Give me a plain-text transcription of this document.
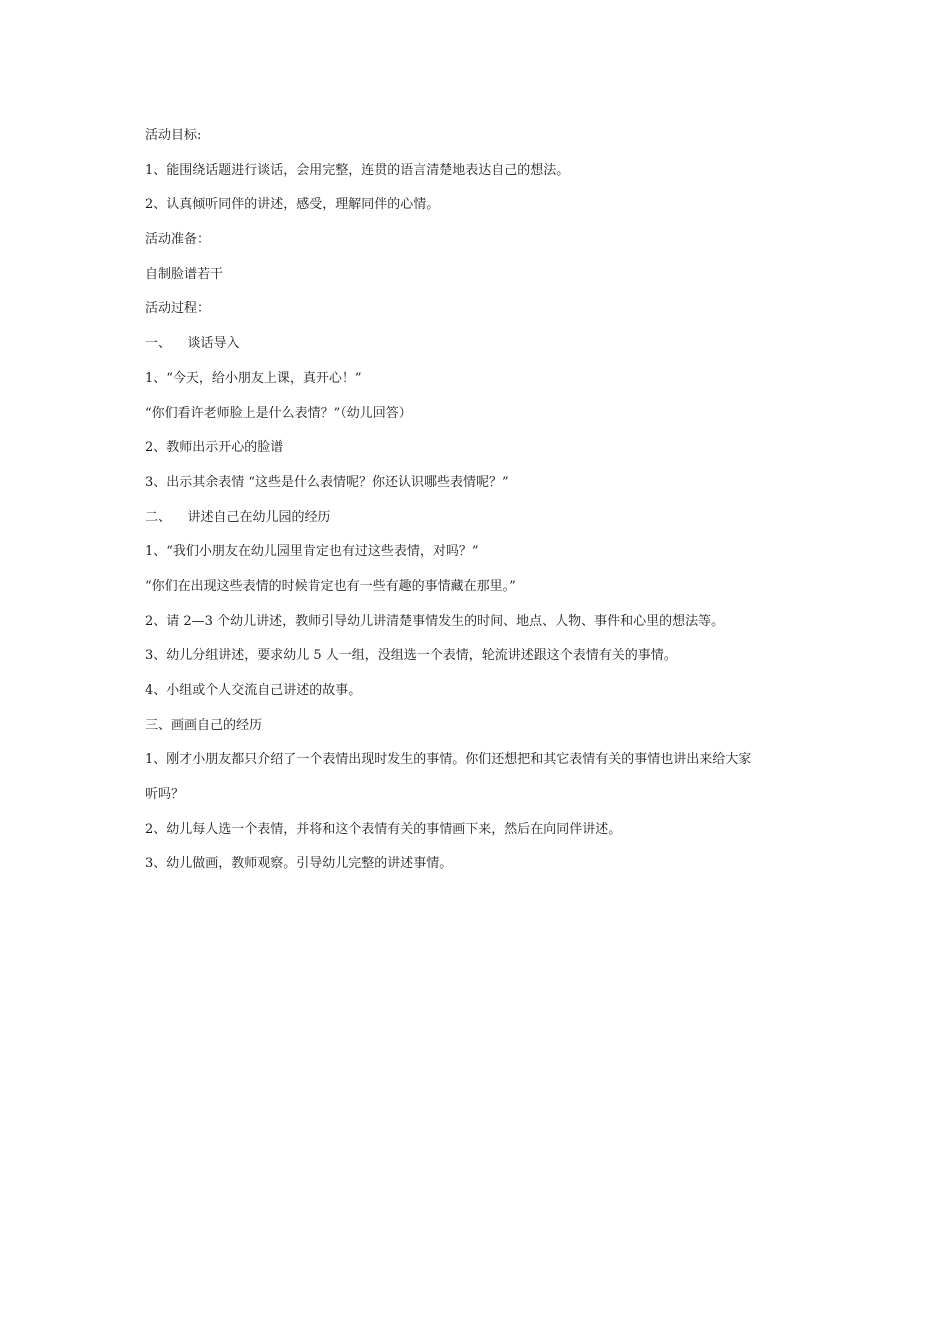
活动目标:
1、能围绕话题进行谈话，会用完整，连贯的语言清楚地表达自己的想法。
2、认真倾听同伴的讲述，感受，理解同伴的心情。
活动准备：
自制脸谱若干
活动过程：
一、    谈话导入
1、“今天，给小朋友上课，真开心！”
“你们看许老师脸上是什么表情？”（幼儿回答）
2、教师出示开心的脸谱
3、出示其余表情 “这些是什么表情呢？你还认识哪些表情呢？”
二、    讲述自己在幼儿园的经历
1、“我们小朋友在幼儿园里肯定也有过这些表情，对吗？”
“你们在出现这些表情的时候肯定也有一些有趣的事情藏在那里。”
2、请 2—3 个幼儿讲述，教师引导幼儿讲清楚事情发生的时间、地点、人物、事件和心里的想法等。
3、幼儿分组讲述，要求幼儿 5 人一组，没组选一个表情，轮流讲述跟这个表情有关的事情。
4、小组或个人交流自己讲述的故事。
三、画画自己的经历
1、刚才小朋友都只介绍了一个表情出现时发生的事情。你们还想把和其它表情有关的事情也讲出来给大家
听吗？
2、幼儿每人选一个表情，并将和这个表情有关的事情画下来，然后在向同伴讲述。
3、幼儿做画，教师观察。引导幼儿完整的讲述事情。
